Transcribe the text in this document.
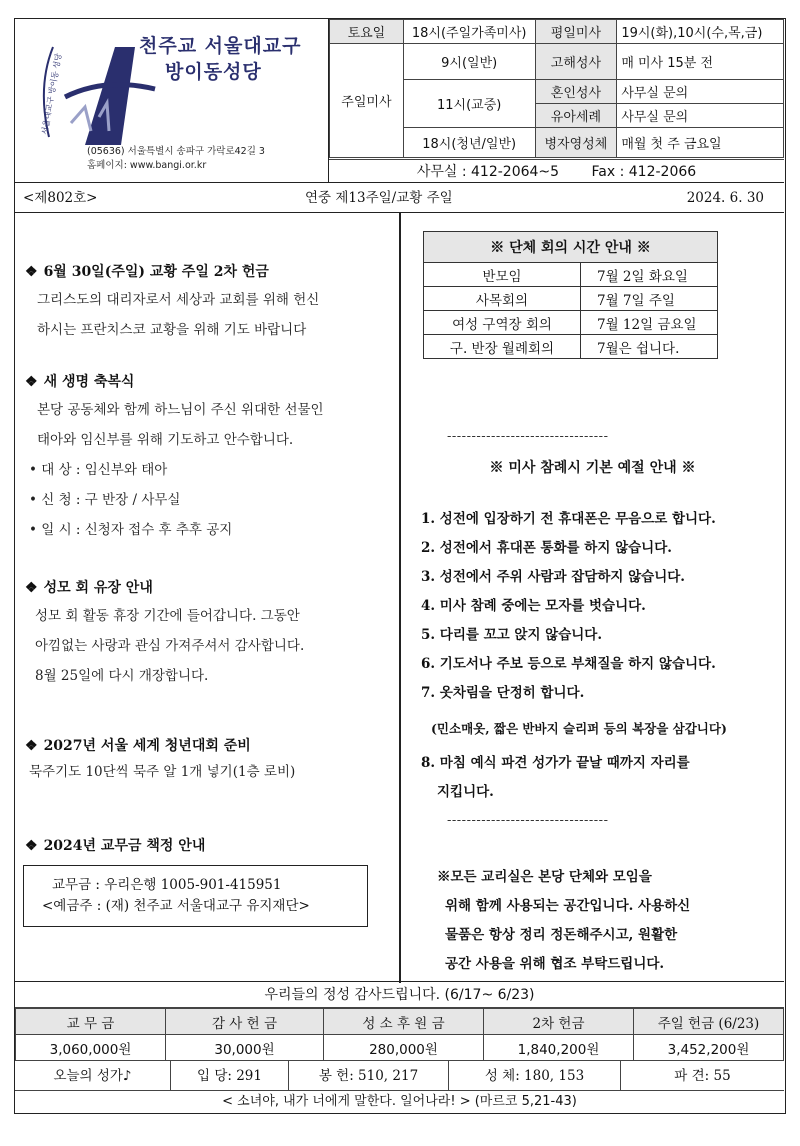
서울대교구 방이동 성당
천주교 서울대교구
방이동성당
(05636) 서울특별시 송파구 가락로42길 3
홈페이지: www.bangi.or.kr
토요일	18시(주일가족미사)	평일미사	19시(화),10시(수,목,금)
주일미사	9시(일반)	고해성사	매 미사 15분 전
	11시(교중)	혼인성사	사무실 문의
		유아세례	사무실 문의
	18시(청년/일반)	병자영성체	매월 첫 주 금요일
사무실 : 412-2064~5 Fax : 412-2066
<제802호>	연중 제13주일/교황 주일	2024. 6. 30
❖ 6월 30일(주일) 교황 주일 2차 헌금
그리스도의 대리자로서 세상과 교회를 위해 헌신
하시는 프란치스코 교황을 위해 기도 바랍니다
❖ 새 생명 축복식
본당 공동체와 함께 하느님이 주신 위대한 선물인
태아와 임신부를 위해 기도하고 안수합니다.
• 대 상 : 임신부와 태아
• 신 청 : 구 반장 / 사무실
• 일 시 : 신청자 접수 후 추후 공지
❖ 성모 회 유장 안내
성모 회 활동 휴장 기간에 들어갑니다. 그동안
아낌없는 사랑과 관심 가져주셔서 감사합니다.
8월 25일에 다시 개장합니다.
❖ 2027년 서울 세계 청년대회 준비
묵주기도 10단씩 묵주 알 1개 넣기(1층 로비)
❖ 2024년 교무금 책정 안내
교무금 : 우리은행 1005-901-415951
<예금주 : (재) 천주교 서울대교구 유지재단>
※ 단체 회의 시간 안내 ※	
반모임	7월 2일 화요일
사목회의	7월 7일 주일
여성 구역장 회의	7월 12일 금요일
구. 반장 월례회의	7월은 쉽니다.
---------------------------------
※ 미사 참례시 기본 예절 안내 ※
1. 성전에 입장하기 전 휴대폰은 무음으로 합니다.
2. 성전에서 휴대폰 통화를 하지 않습니다.
3. 성전에서 주위 사람과 잡담하지 않습니다.
4. 미사 참례 중에는 모자를 벗습니다.
5. 다리를 꼬고 앉지 않습니다.
6. 기도서나 주보 등으로 부채질을 하지 않습니다.
7. 옷차림을 단정히 합니다.
(민소매옷, 짧은 반바지 슬리퍼 등의 복장을 삼갑니다)
8. 마침 예식 파견 성가가 끝날 때까지 자리를
지킵니다.
---------------------------------
※모든 교리실은 본당 단체와 모임을
위해 함께 사용되는 공간입니다. 사용하신
물품은 항상 정리 정돈해주시고, 원활한
공간 사용을 위해 협조 부탁드립니다.
우리들의 정성 감사드립니다. (6/17~ 6/23)
교 무 금	감 사 헌 금	성 소 후 원 금	2차 헌금	주일 헌금 (6/23)
3,060,000원	30,000원	280,000원	1,840,200원	3,452,200원
오늘의 성가♪	입 당: 291	봉 헌: 510, 217	성 체: 180, 153	파 견: 55
< 소녀야, 내가 너에게 말한다. 일어나라! > (마르코 5,21-43)
